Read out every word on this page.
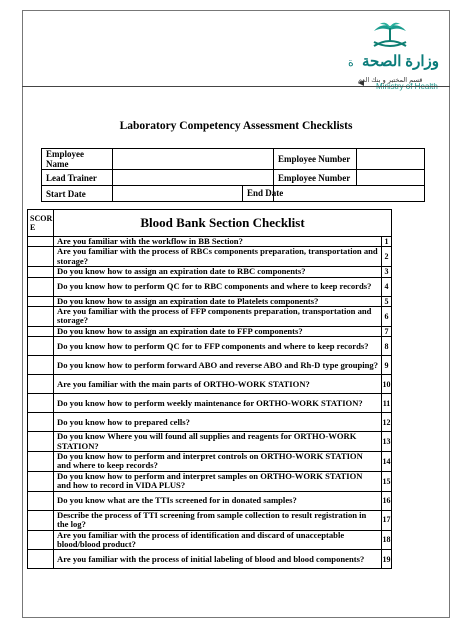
ة وزارة الصحة
Ministry of Health
قسم المختبر و بنك الدم
Laboratory Competency Assessment Checklists
Employee Name		Employee Number	
Lead Trainer		Employee Number	
Start Date		End Date	
SCOR E	Blood Bank Section Checklist	
	Are you familiar with the workflow in BB Section?	1
	Are you familiar with the process of RBCs components preparation, transportation and storage?	2
	Do you know how to assign an expiration date to RBC components?	3
	Do you know how to perform QC for to RBC components and where to keep records?	4
	Do you know how to assign an expiration date to Platelets components?	5
	Are you familiar with the process of FFP components preparation, transportation and storage?	6
	Do you know how to assign an expiration date to FFP components?	7
	Do you know how to perform QC for to FFP components and where to keep records?	8
	Do you know how to perform forward ABO and reverse ABO and Rh-D type grouping?	9
	Are you familiar with the main parts of ORTHO-WORK STATION?	10
	Do you know how to perform weekly maintenance for ORTHO-WORK STATION?	11
	Do you know how to prepared cells?	12
	Do you know Where you will found all supplies and reagents for ORTHO-WORK STATION?	13
	Do you know how to perform and interpret controls on ORTHO-WORK STATION and where to keep records?	14
	Do you know how to perform and interpret samples on ORTHO-WORK STATION and how to record in VIDA PLUS?	15
	Do you know what are the TTIs screened for in donated samples?	16
	Describe the process of TTI screening from sample collection to result registration in the log?	17
	Are you familiar with the process of identification and discard of unacceptable blood/blood product?	18
	Are you familiar with the process of initial labeling of blood and blood components?	19
